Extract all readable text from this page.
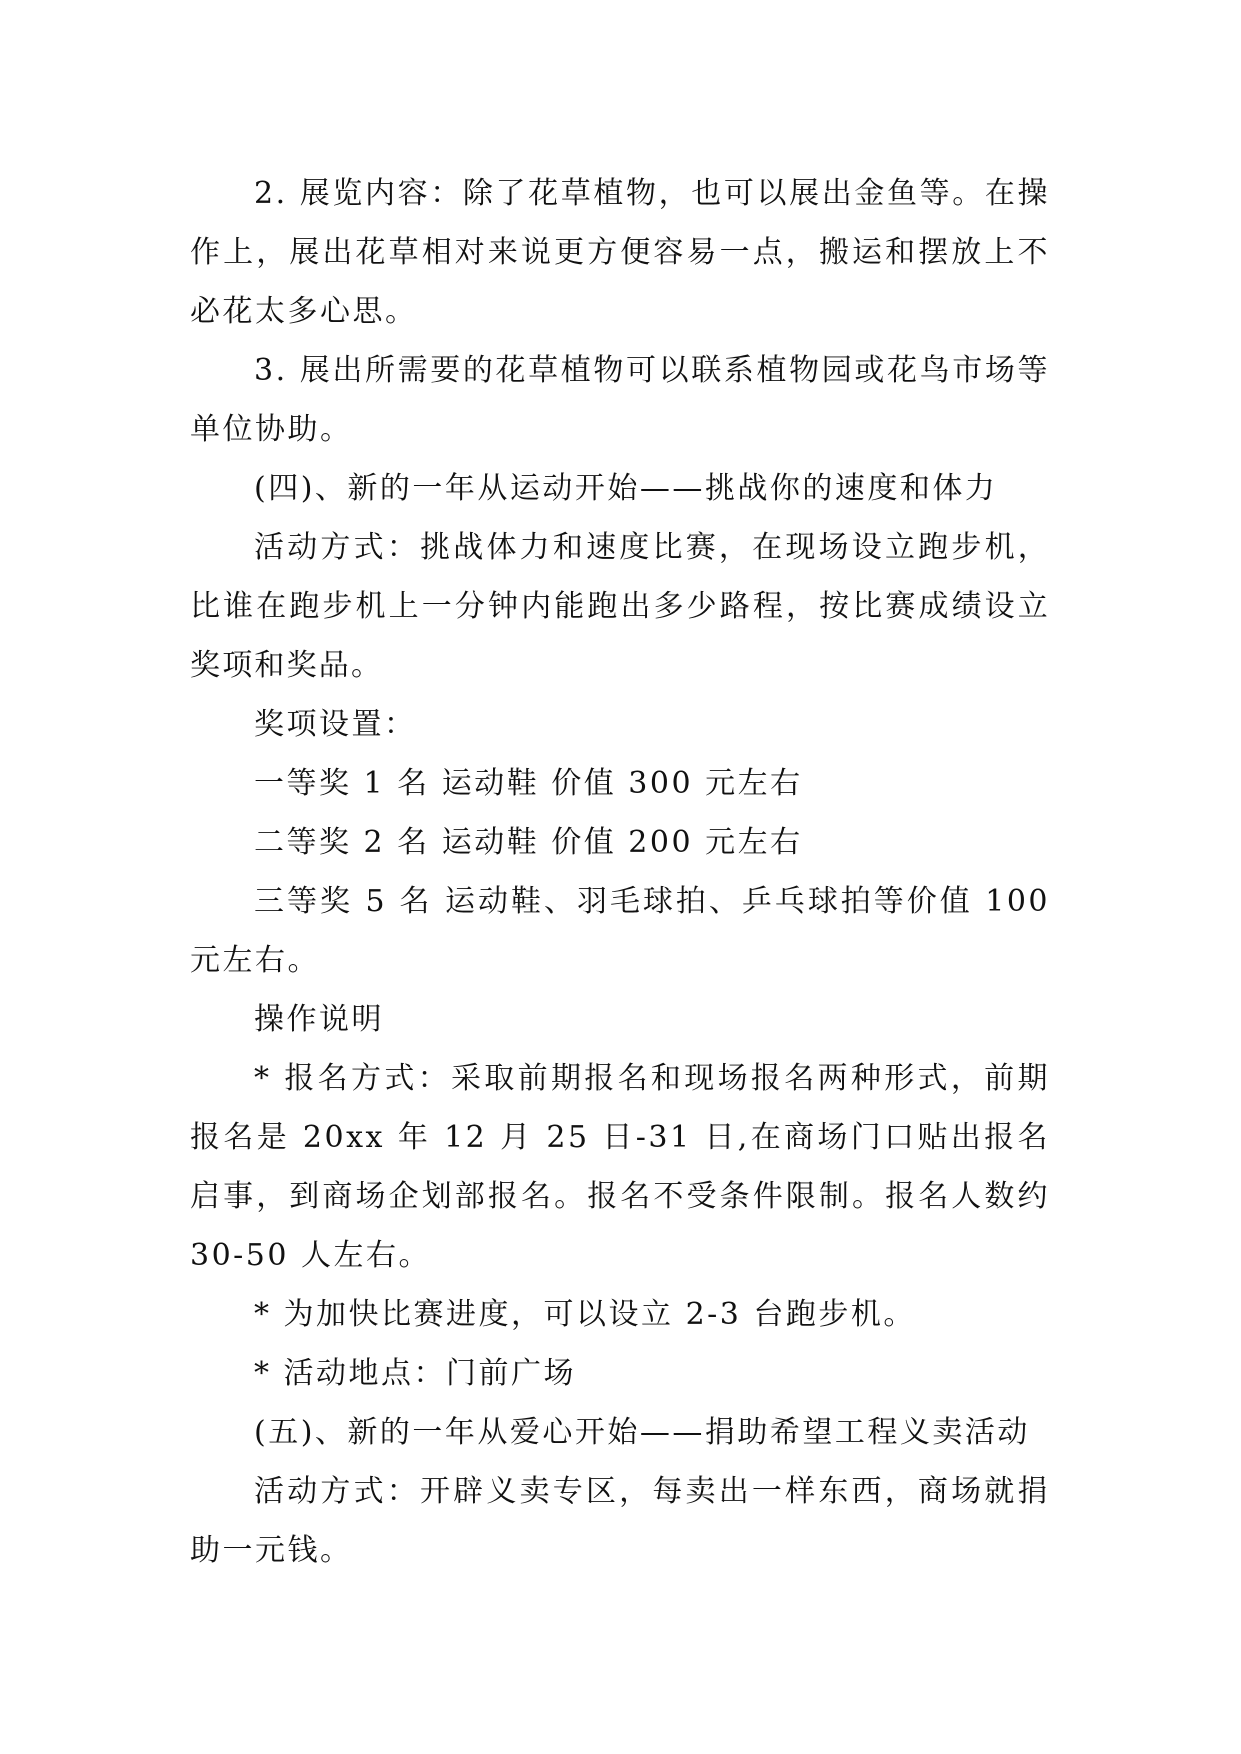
2. 展览内容：除了花草植物，也可以展出金鱼等。在操作上，展出花草相对来说更方便容易一点，搬运和摆放上不必花太多心思。

3. 展出所需要的花草植物可以联系植物园或花鸟市场等单位协助。

(四)、新的一年从运动开始——挑战你的速度和体力

活动方式：挑战体力和速度比赛，在现场设立跑步机，比谁在跑步机上一分钟内能跑出多少路程，按比赛成绩设立奖项和奖品。

奖项设置：

一等奖 1 名 运动鞋 价值 300 元左右

二等奖 2 名 运动鞋 价值 200 元左右

三等奖 5 名 运动鞋、羽毛球拍、乒乓球拍等价值 100 元左右。

操作说明

* 报名方式：采取前期报名和现场报名两种形式，前期报名是 20xx 年 12 月 25 日-31 日,在商场门口贴出报名启事，到商场企划部报名。报名不受条件限制。报名人数约 30-50 人左右。

* 为加快比赛进度，可以设立 2-3 台跑步机。

* 活动地点：门前广场

(五)、新的一年从爱心开始——捐助希望工程义卖活动

活动方式：开辟义卖专区，每卖出一样东西，商场就捐助一元钱。
